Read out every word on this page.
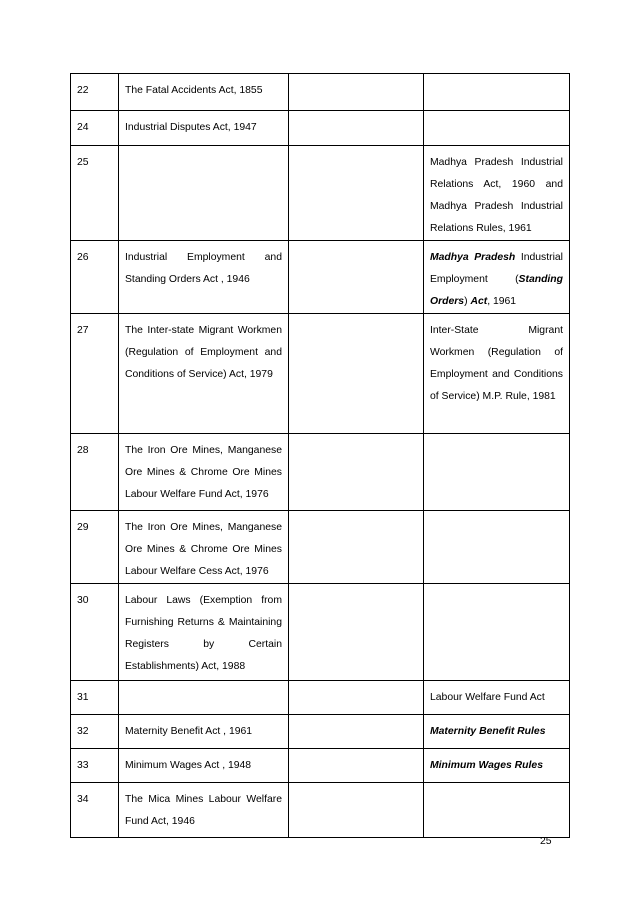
22	The Fatal Accidents Act, 1855		
24	Industrial Disputes Act, 1947		
25			Madhya Pradesh Industrial Relations Act, 1960 and Madhya Pradesh Industrial Relations Rules, 1961
26	Industrial Employment and Standing Orders Act , 1946		Madhya Pradesh Industrial Employment (Standing Orders) Act, 1961
27	The Inter-state Migrant Workmen (Regulation of Employment and Conditions of Service) Act, 1979		Inter-State Migrant Workmen (Regulation of Employment and Conditions of Service) M.P. Rule, 1981
28	The Iron Ore Mines, Manganese Ore Mines & Chrome Ore Mines Labour Welfare Fund Act, 1976		
29	The Iron Ore Mines, Manganese Ore Mines & Chrome Ore Mines Labour Welfare Cess Act, 1976		
30	Labour Laws (Exemption from Furnishing Returns & Maintaining Registers by Certain Establishments) Act, 1988		
31			Labour Welfare Fund Act
32	Maternity Benefit Act , 1961		Maternity Benefit Rules
33	Minimum Wages Act , 1948		Minimum Wages Rules
34	The Mica Mines Labour Welfare Fund Act, 1946		
25
